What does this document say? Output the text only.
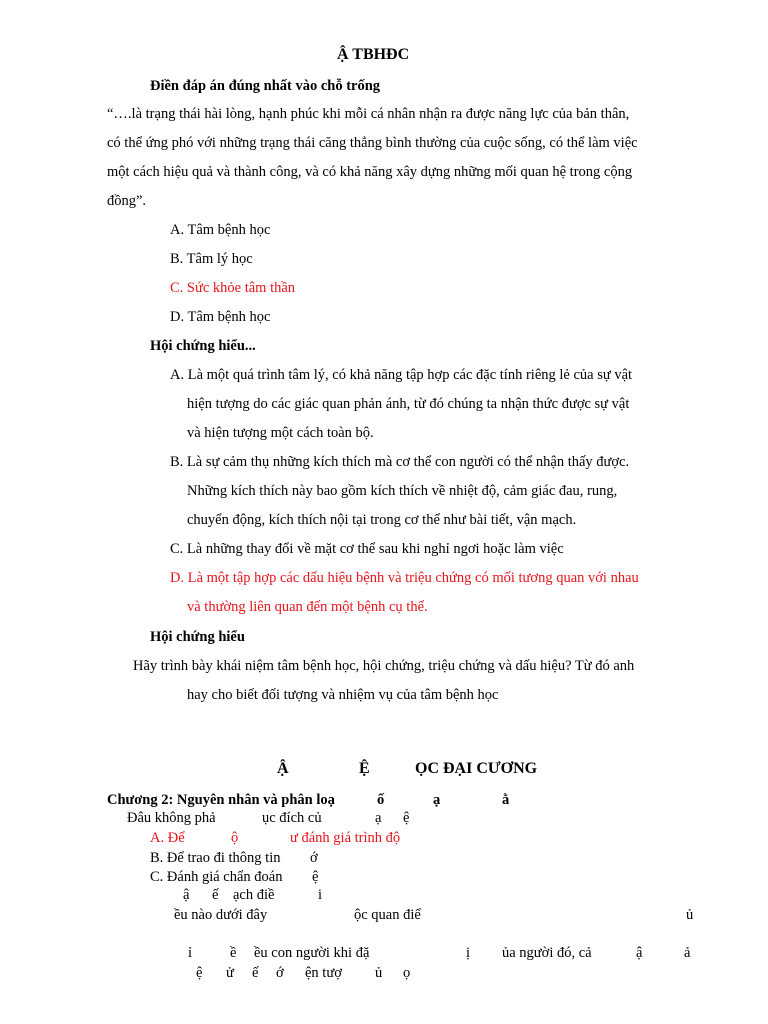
Ậ TBHĐC
Điền đáp án đúng nhất vào chỗ trống
“….là trạng thái hài lòng, hạnh phúc khi mỗi cá nhân nhận ra được năng lực của bản thân,
có thể ứng phó với những trạng thái căng thẳng bình thường của cuộc sống, có thể làm việc
một cách hiệu quả và thành công, và có khả năng xây dựng những mối quan hệ trong cộng
đồng”.
A. Tâm bệnh học
B. Tâm lý học
C. Sức khỏe tâm thần
D. Tâm bệnh học
Hội chứng hiểu...
A. Là một quá trình tâm lý, có khả năng tập hợp các đặc tính riêng lẻ của sự vật
hiện tượng do các giác quan phản ánh, từ đó chúng ta nhận thức được sự vật
và hiện tượng một cách toàn bộ.
B. Là sự cảm thụ những kích thích mà cơ thể con người có thể nhận thấy được.
Những kích thích này bao gồm kích thích về nhiệt độ, cảm giác đau, rung,
chuyển động, kích thích nội tại trong cơ thể như bài tiết, vận mạch.
C. Là những thay đổi về mặt cơ thể sau khi nghỉ ngơi hoặc làm việc
D. Là một tập hợp các dấu hiệu bệnh và triệu chứng có mối tương quan với nhau
và thường liên quan đến một bệnh cụ thể.
Hội chứng hiểu
Hãy trình bày khái niệm tâm bệnh học, hội chứng, triệu chứng và dấu hiệu? Từ đó anh
hay cho biết đối tượng và nhiệm vụ của tâm bệnh học
Ậ	Ệ	ỌC ĐẠI CƯƠNG
Chương 2: Nguyên nhân và phân loạ	ố	ạ	ằ
Đâu không phả	ục đích củ	ạ ệ
A. Để	ộ	ư đánh giá trình độ
B. Để trao đi thông tin ớ
C. Đánh giá chẩn đoán ệ
ậ ế ạch điề	i
ều nào dưới đây	ộc quan điể	ủ
ỉ	ề ều con người khi đặ	ị ủa người đó, cả	ậ	ả
ệ ử ế ớ ện tượ ủ ọ
